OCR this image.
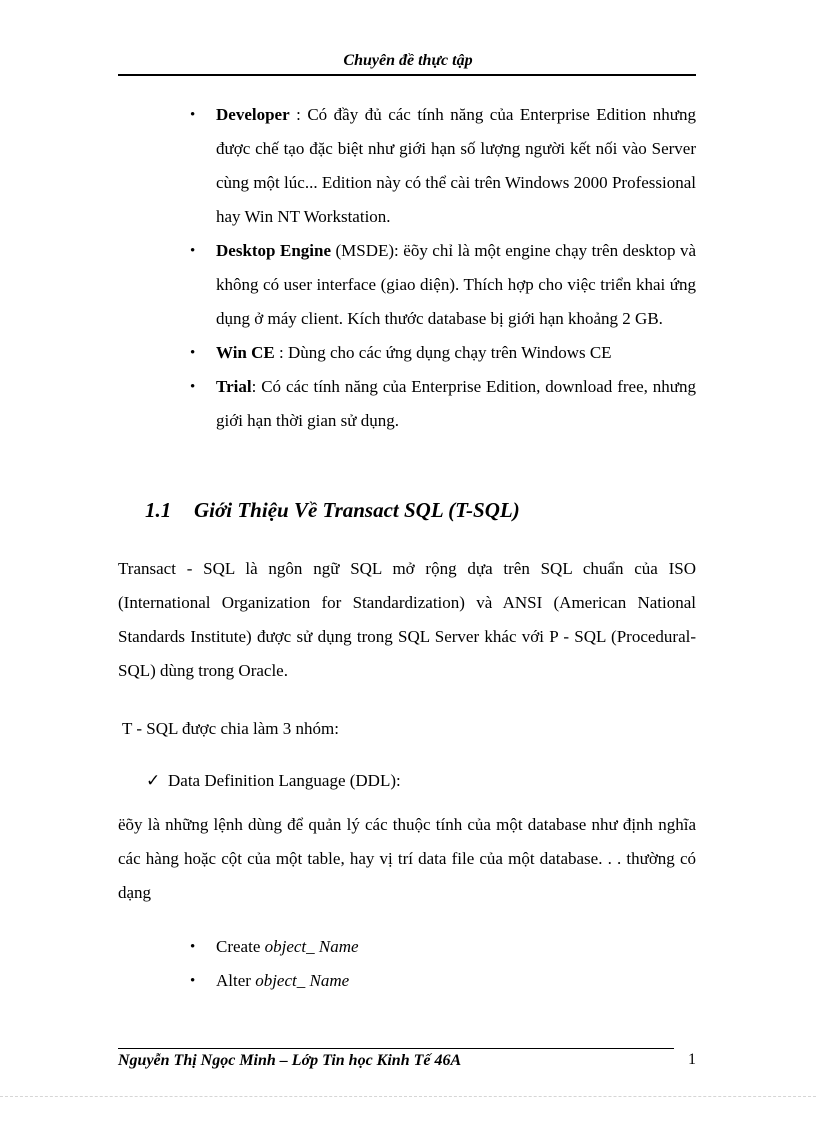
Chuyên đề thực tập
• Developer : Có đầy đủ các tính năng của Enterprise Edition nhưng được chế tạo đặc biệt như giới hạn số lượng người kết nối vào Server cùng một lúc... Edition này có thể cài trên Windows 2000 Professional hay Win NT Workstation.
• Desktop Engine (MSDE): ëõy chỉ là một engine chạy trên desktop và không có user interface (giao diện). Thích hợp cho việc triển khai ứng dụng ở máy client. Kích thước database bị giới hạn khoảng 2 GB.
• Win CE : Dùng cho các ứng dụng chạy trên Windows CE
• Trial: Có các tính năng của Enterprise Edition, download free, nhưng giới hạn thời gian sử dụng.
1.1 Giới Thiệu Về Transact SQL (T-SQL)

Transact - SQL là ngôn ngữ SQL mở rộng dựa trên SQL chuẩn của ISO (International Organization for Standardization) và ANSI (American National Standards Institute) được sử dụng trong SQL Server khác với P - SQL (Procedural-SQL) dùng trong Oracle.

T - SQL được chia làm 3 nhóm:

✓ Data Definition Language (DDL):

ëõy là những lệnh dùng để quản lý các thuộc tính của một database như định nghĩa các hàng hoặc cột của một table, hay vị trí data file của một database. . . thường có dạng

• Create object_ Name
• Alter object_ Name
Nguyễn Thị Ngọc Minh – Lớp Tin học Kinh Tế 46A	1
